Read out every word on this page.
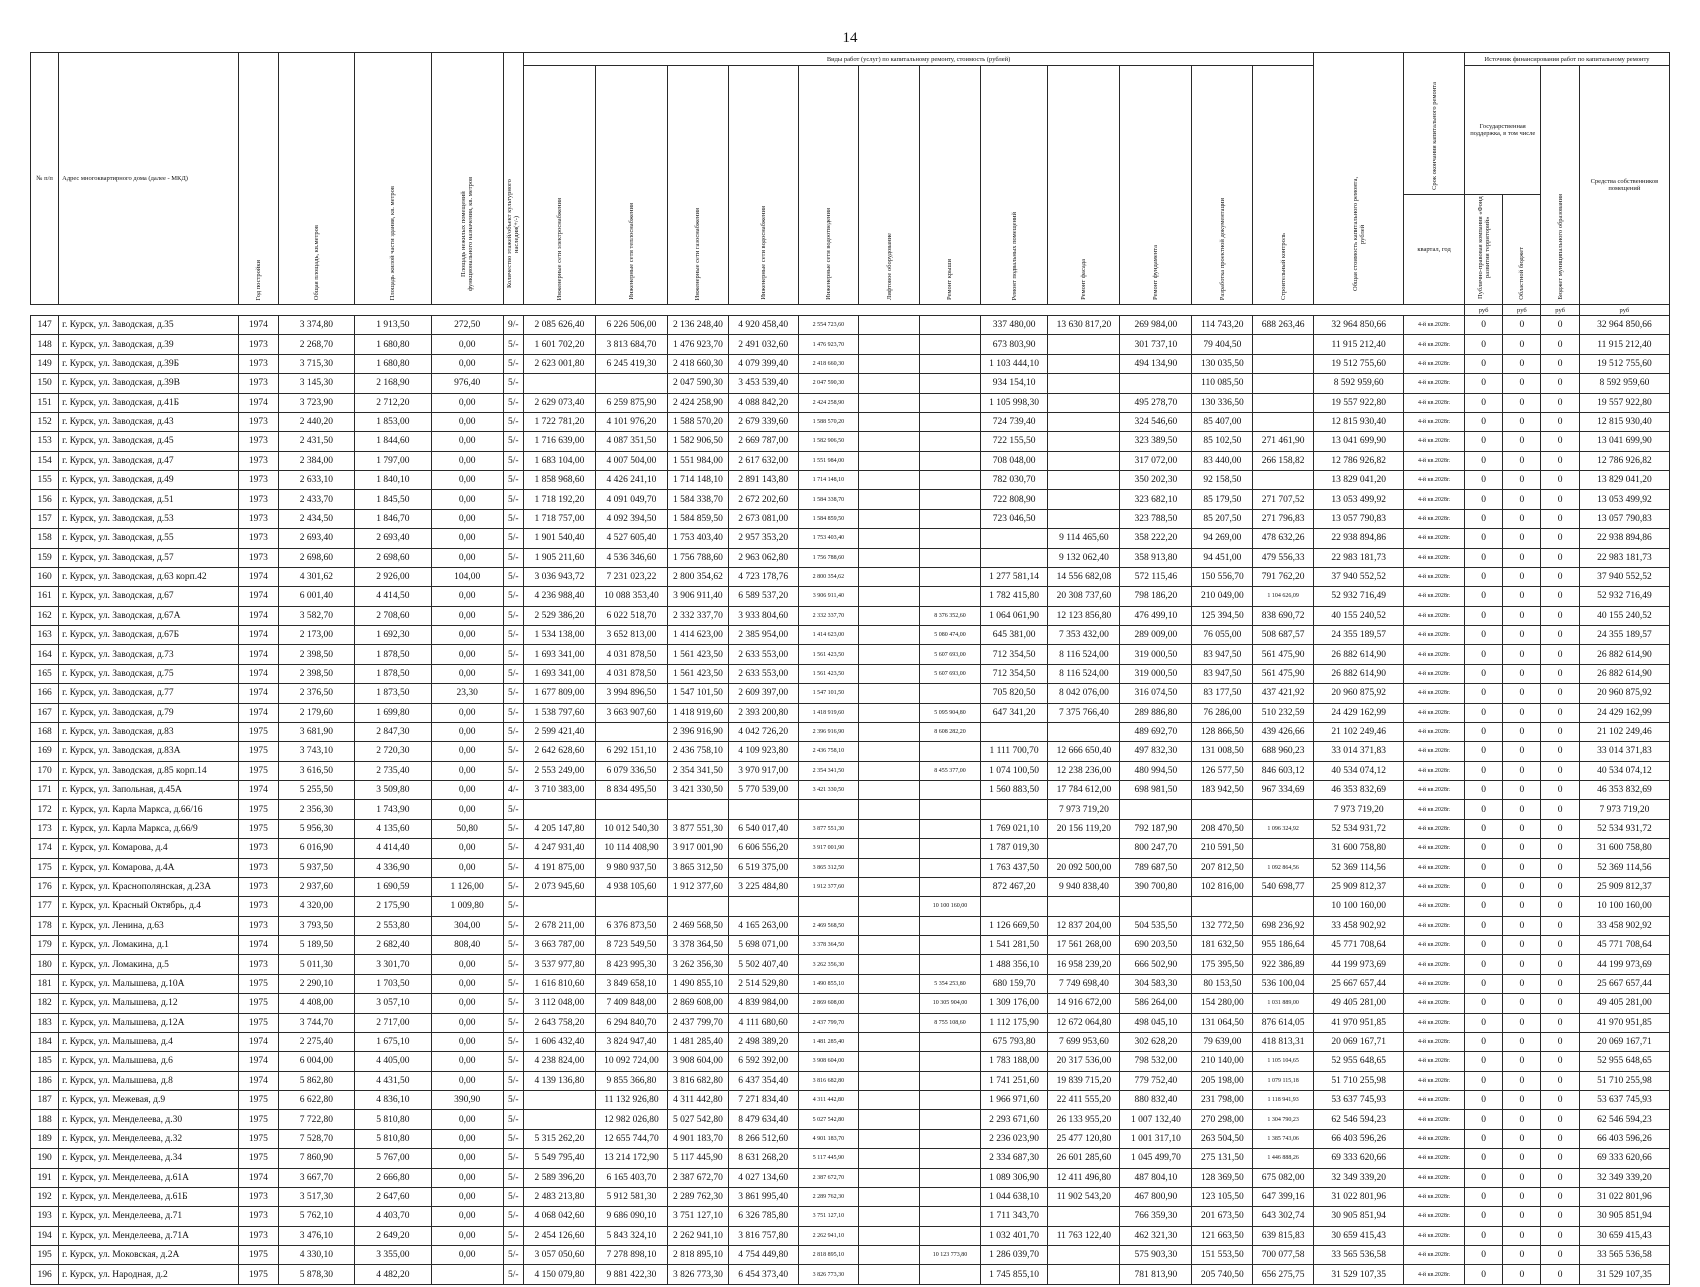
14
№ п/п	Адрес многоквартирного дома (далее - МКД)	Год постройки	Общая площадь, кв.метров	Площадь жилой части здания, кв. метров	Площадь нежилых помещений функционального назначения, кв. метров	Количество этажей/объект культурного наследия(+/-)	Виды работ (услуг) по капитальному ремонту, стоимость (рублей)												Общая стоимость капитального ремонта, рублей	Срок окончания капитального ремонта	Источник финансирования работ по капитальному ремонту			
							Инженерные сети электроснабжения	Инженерные сети теплоснабжения	Инженерные сети газоснабжения	Инженерные сети водоснабжения	Инженерные сети водоотведения	Лифтовое оборудование	Ремонт крыши	Ремонт подвальных помещений	Ремонт фасада	Ремонт фундамента	Разработка проектной документации	Строительный контроль			Государственная поддержка, в том числе		Бюджет муниципального образования	Средства собственников помещений
																				квартал, год	Публично-правовая компания «Фонд развития территорий»	Областной бюджет		
																					руб	руб	руб	руб
147	г. Курск, ул. Заводская, д.35	1974	3 374,80	1 913,50	272,50	9/-	2 085 626,40	6 226 506,00	2 136 248,40	4 920 458,40	2 554 723,60			337 480,00	13 630 817,20	269 984,00	114 743,20	688 263,46	32 964 850,66	4-й кв.2028г.	0	0	0	32 964 850,66
148	г. Курск, ул. Заводская, д.39	1973	2 268,70	1 680,80	0,00	5/-	1 601 702,20	3 813 684,70	1 476 923,70	2 491 032,60	1 476 923,70			673 803,90		301 737,10	79 404,50		11 915 212,40	4-й кв.2028г.	0	0	0	11 915 212,40
149	г. Курск, ул. Заводская, д.39Б	1973	3 715,30	1 680,80	0,00	5/-	2 623 001,80	6 245 419,30	2 418 660,30	4 079 399,40	2 418 660,30			1 103 444,10		494 134,90	130 035,50		19 512 755,60	4-й кв.2028г.	0	0	0	19 512 755,60
150	г. Курск, ул. Заводская, д.39В	1973	3 145,30	2 168,90	976,40	5/-			2 047 590,30	3 453 539,40	2 047 590,30			934 154,10			110 085,50		8 592 959,60	4-й кв.2028г.	0	0	0	8 592 959,60
151	г. Курск, ул. Заводская, д.41Б	1974	3 723,90	2 712,20	0,00	5/-	2 629 073,40	6 259 875,90	2 424 258,90	4 088 842,20	2 424 258,90			1 105 998,30		495 278,70	130 336,50		19 557 922,80	4-й кв.2028г.	0	0	0	19 557 922,80
152	г. Курск, ул. Заводская, д.43	1973	2 440,20	1 853,00	0,00	5/-	1 722 781,20	4 101 976,20	1 588 570,20	2 679 339,60	1 588 570,20			724 739,40		324 546,60	85 407,00		12 815 930,40	4-й кв.2028г.	0	0	0	12 815 930,40
153	г. Курск, ул. Заводская, д.45	1973	2 431,50	1 844,60	0,00	5/-	1 716 639,00	4 087 351,50	1 582 906,50	2 669 787,00	1 582 906,50			722 155,50		323 389,50	85 102,50	271 461,90	13 041 699,90	4-й кв.2028г.	0	0	0	13 041 699,90
154	г. Курск, ул. Заводская, д.47	1973	2 384,00	1 797,00	0,00	5/-	1 683 104,00	4 007 504,00	1 551 984,00	2 617 632,00	1 551 984,00			708 048,00		317 072,00	83 440,00	266 158,82	12 786 926,82	4-й кв.2028г.	0	0	0	12 786 926,82
155	г. Курск, ул. Заводская, д.49	1973	2 633,10	1 840,10	0,00	5/-	1 858 968,60	4 426 241,10	1 714 148,10	2 891 143,80	1 714 148,10			782 030,70		350 202,30	92 158,50		13 829 041,20	4-й кв.2028г.	0	0	0	13 829 041,20
156	г. Курск, ул. Заводская, д.51	1973	2 433,70	1 845,50	0,00	5/-	1 718 192,20	4 091 049,70	1 584 338,70	2 672 202,60	1 584 338,70			722 808,90		323 682,10	85 179,50	271 707,52	13 053 499,92	4-й кв.2028г.	0	0	0	13 053 499,92
157	г. Курск, ул. Заводская, д.53	1973	2 434,50	1 846,70	0,00	5/-	1 718 757,00	4 092 394,50	1 584 859,50	2 673 081,00	1 584 859,50			723 046,50		323 788,50	85 207,50	271 796,83	13 057 790,83	4-й кв.2028г.	0	0	0	13 057 790,83
158	г. Курск, ул. Заводская, д.55	1973	2 693,40	2 693,40	0,00	5/-	1 901 540,40	4 527 605,40	1 753 403,40	2 957 353,20	1 753 403,40				9 114 465,60	358 222,20	94 269,00	478 632,26	22 938 894,86	4-й кв.2028г.	0	0	0	22 938 894,86
159	г. Курск, ул. Заводская, д.57	1973	2 698,60	2 698,60	0,00	5/-	1 905 211,60	4 536 346,60	1 756 788,60	2 963 062,80	1 756 788,60				9 132 062,40	358 913,80	94 451,00	479 556,33	22 983 181,73	4-й кв.2028г.	0	0	0	22 983 181,73
160	г. Курск, ул. Заводская, д.63 корп.42	1974	4 301,62	2 926,00	104,00	5/-	3 036 943,72	7 231 023,22	2 800 354,62	4 723 178,76	2 800 354,62			1 277 581,14	14 556 682,08	572 115,46	150 556,70	791 762,20	37 940 552,52	4-й кв.2028г.	0	0	0	37 940 552,52
161	г. Курск, ул. Заводская, д.67	1974	6 001,40	4 414,50	0,00	5/-	4 236 988,40	10 088 353,40	3 906 911,40	6 589 537,20	3 906 911,40			1 782 415,80	20 308 737,60	798 186,20	210 049,00	1 104 626,09	52 932 716,49	4-й кв.2028г.	0	0	0	52 932 716,49
162	г. Курск, ул. Заводская, д.67А	1974	3 582,70	2 708,60	0,00	5/-	2 529 386,20	6 022 518,70	2 332 337,70	3 933 804,60	2 332 337,70		8 376 352,60	1 064 061,90	12 123 856,80	476 499,10	125 394,50	838 690,72	40 155 240,52	4-й кв.2028г.	0	0	0	40 155 240,52
163	г. Курск, ул. Заводская, д.67Б	1974	2 173,00	1 692,30	0,00	5/-	1 534 138,00	3 652 813,00	1 414 623,00	2 385 954,00	1 414 623,00		5 080 474,00	645 381,00	7 353 432,00	289 009,00	76 055,00	508 687,57	24 355 189,57	4-й кв.2028г.	0	0	0	24 355 189,57
164	г. Курск, ул. Заводская, д.73	1974	2 398,50	1 878,50	0,00	5/-	1 693 341,00	4 031 878,50	1 561 423,50	2 633 553,00	1 561 423,50		5 607 693,00	712 354,50	8 116 524,00	319 000,50	83 947,50	561 475,90	26 882 614,90	4-й кв.2028г.	0	0	0	26 882 614,90
165	г. Курск, ул. Заводская, д.75	1974	2 398,50	1 878,50	0,00	5/-	1 693 341,00	4 031 878,50	1 561 423,50	2 633 553,00	1 561 423,50		5 607 693,00	712 354,50	8 116 524,00	319 000,50	83 947,50	561 475,90	26 882 614,90	4-й кв.2028г.	0	0	0	26 882 614,90
166	г. Курск, ул. Заводская, д.77	1974	2 376,50	1 873,50	23,30	5/-	1 677 809,00	3 994 896,50	1 547 101,50	2 609 397,00	1 547 101,50			705 820,50	8 042 076,00	316 074,50	83 177,50	437 421,92	20 960 875,92	4-й кв.2028г.	0	0	0	20 960 875,92
167	г. Курск, ул. Заводская, д.79	1974	2 179,60	1 699,80	0,00	5/-	1 538 797,60	3 663 907,60	1 418 919,60	2 393 200,80	1 418 919,60		5 095 904,80	647 341,20	7 375 766,40	289 886,80	76 286,00	510 232,59	24 429 162,99	4-й кв.2028г.	0	0	0	24 429 162,99
168	г. Курск, ул. Заводская, д.83	1975	3 681,90	2 847,30	0,00	5/-	2 599 421,40		2 396 916,90	4 042 726,20	2 396 916,90		8 608 282,20			489 692,70	128 866,50	439 426,66	21 102 249,46	4-й кв.2028г.	0	0	0	21 102 249,46
169	г. Курск, ул. Заводская, д.83А	1975	3 743,10	2 720,30	0,00	5/-	2 642 628,60	6 292 151,10	2 436 758,10	4 109 923,80	2 436 758,10			1 111 700,70	12 666 650,40	497 832,30	131 008,50	688 960,23	33 014 371,83	4-й кв.2028г.	0	0	0	33 014 371,83
170	г. Курск, ул. Заводская, д.85 корп.14	1975	3 616,50	2 735,40	0,00	5/-	2 553 249,00	6 079 336,50	2 354 341,50	3 970 917,00	2 354 341,50		8 455 377,00	1 074 100,50	12 238 236,00	480 994,50	126 577,50	846 603,12	40 534 074,12	4-й кв.2028г.	0	0	0	40 534 074,12
171	г. Курск, ул. Запольная, д.45А	1974	5 255,50	3 509,80	0,00	4/-	3 710 383,00	8 834 495,50	3 421 330,50	5 770 539,00	3 421 330,50			1 560 883,50	17 784 612,00	698 981,50	183 942,50	967 334,69	46 353 832,69	4-й кв.2028г.	0	0	0	46 353 832,69
172	г. Курск, ул. Карла Маркса, д.66/16	1975	2 356,30	1 743,90	0,00	5/-									7 973 719,20				7 973 719,20	4-й кв.2028г.	0	0	0	7 973 719,20
173	г. Курск, ул. Карла Маркса, д.66/9	1975	5 956,30	4 135,60	50,80	5/-	4 205 147,80	10 012 540,30	3 877 551,30	6 540 017,40	3 877 551,30			1 769 021,10	20 156 119,20	792 187,90	208 470,50	1 096 324,92	52 534 931,72	4-й кв.2028г.	0	0	0	52 534 931,72
174	г. Курск, ул. Комарова, д.4	1973	6 016,90	4 414,40	0,00	5/-	4 247 931,40	10 114 408,90	3 917 001,90	6 606 556,20	3 917 001,90			1 787 019,30		800 247,70	210 591,50		31 600 758,80	4-й кв.2028г.	0	0	0	31 600 758,80
175	г. Курск, ул. Комарова, д.4А	1973	5 937,50	4 336,90	0,00	5/-	4 191 875,00	9 980 937,50	3 865 312,50	6 519 375,00	3 865 312,50			1 763 437,50	20 092 500,00	789 687,50	207 812,50	1 092 864,56	52 369 114,56	4-й кв.2028г.	0	0	0	52 369 114,56
176	г. Курск, ул. Краснополянская, д.23А	1973	2 937,60	1 690,59	1 126,00	5/-	2 073 945,60	4 938 105,60	1 912 377,60	3 225 484,80	1 912 377,60			872 467,20	9 940 838,40	390 700,80	102 816,00	540 698,77	25 909 812,37	4-й кв.2028г.	0	0	0	25 909 812,37
177	г. Курск, ул. Красный Октябрь, д.4	1973	4 320,00	2 175,90	1 009,80	5/-							10 100 160,00						10 100 160,00	4-й кв.2028г.	0	0	0	10 100 160,00
178	г. Курск, ул. Ленина, д.63	1973	3 793,50	2 553,80	304,00	5/-	2 678 211,00	6 376 873,50	2 469 568,50	4 165 263,00	2 469 568,50			1 126 669,50	12 837 204,00	504 535,50	132 772,50	698 236,92	33 458 902,92	4-й кв.2028г.	0	0	0	33 458 902,92
179	г. Курск, ул. Ломакина, д.1	1974	5 189,50	2 682,40	808,40	5/-	3 663 787,00	8 723 549,50	3 378 364,50	5 698 071,00	3 378 364,50			1 541 281,50	17 561 268,00	690 203,50	181 632,50	955 186,64	45 771 708,64	4-й кв.2028г.	0	0	0	45 771 708,64
180	г. Курск, ул. Ломакина, д.5	1973	5 011,30	3 301,70	0,00	5/-	3 537 977,80	8 423 995,30	3 262 356,30	5 502 407,40	3 262 356,30			1 488 356,10	16 958 239,20	666 502,90	175 395,50	922 386,89	44 199 973,69	4-й кв.2028г.	0	0	0	44 199 973,69
181	г. Курск, ул. Малышева, д.10А	1975	2 290,10	1 703,50	0,00	5/-	1 616 810,60	3 849 658,10	1 490 855,10	2 514 529,80	1 490 855,10		5 354 253,80	680 159,70	7 749 698,40	304 583,30	80 153,50	536 100,04	25 667 657,44	4-й кв.2028г.	0	0	0	25 667 657,44
182	г. Курск, ул. Малышева, д.12	1975	4 408,00	3 057,10	0,00	5/-	3 112 048,00	7 409 848,00	2 869 608,00	4 839 984,00	2 869 608,00		10 305 904,00	1 309 176,00	14 916 672,00	586 264,00	154 280,00	1 031 889,00	49 405 281,00	4-й кв.2028г.	0	0	0	49 405 281,00
183	г. Курск, ул. Малышева, д.12А	1975	3 744,70	2 717,00	0,00	5/-	2 643 758,20	6 294 840,70	2 437 799,70	4 111 680,60	2 437 799,70		8 755 108,60	1 112 175,90	12 672 064,80	498 045,10	131 064,50	876 614,05	41 970 951,85	4-й кв.2028г.	0	0	0	41 970 951,85
184	г. Курск, ул. Малышева, д.4	1974	2 275,40	1 675,10	0,00	5/-	1 606 432,40	3 824 947,40	1 481 285,40	2 498 389,20	1 481 285,40			675 793,80	7 699 953,60	302 628,20	79 639,00	418 813,31	20 069 167,71	4-й кв.2028г.	0	0	0	20 069 167,71
185	г. Курск, ул. Малышева, д.6	1974	6 004,00	4 405,00	0,00	5/-	4 238 824,00	10 092 724,00	3 908 604,00	6 592 392,00	3 908 604,00			1 783 188,00	20 317 536,00	798 532,00	210 140,00	1 105 104,65	52 955 648,65	4-й кв.2028г.	0	0	0	52 955 648,65
186	г. Курск, ул. Малышева, д.8	1974	5 862,80	4 431,50	0,00	5/-	4 139 136,80	9 855 366,80	3 816 682,80	6 437 354,40	3 816 682,80			1 741 251,60	19 839 715,20	779 752,40	205 198,00	1 079 115,18	51 710 255,98	4-й кв.2028г.	0	0	0	51 710 255,98
187	г. Курск, ул. Межевая, д.9	1975	6 622,80	4 836,10	390,90	5/-		11 132 926,80	4 311 442,80	7 271 834,40	4 311 442,80			1 966 971,60	22 411 555,20	880 832,40	231 798,00	1 118 941,93	53 637 745,93	4-й кв.2028г.	0	0	0	53 637 745,93
188	г. Курск, ул. Менделеева, д.30	1975	7 722,80	5 810,80	0,00	5/-		12 982 026,80	5 027 542,80	8 479 634,40	5 027 542,80			2 293 671,60	26 133 955,20	1 007 132,40	270 298,00	1 304 790,23	62 546 594,23	4-й кв.2028г.	0	0	0	62 546 594,23
189	г. Курск, ул. Менделеева, д.32	1975	7 528,70	5 810,80	0,00	5/-	5 315 262,20	12 655 744,70	4 901 183,70	8 266 512,60	4 901 183,70			2 236 023,90	25 477 120,80	1 001 317,10	263 504,50	1 385 743,06	66 403 596,26	4-й кв.2028г.	0	0	0	66 403 596,26
190	г. Курск, ул. Менделеева, д.34	1975	7 860,90	5 767,00	0,00	5/-	5 549 795,40	13 214 172,90	5 117 445,90	8 631 268,20	5 117 445,90			2 334 687,30	26 601 285,60	1 045 499,70	275 131,50	1 446 888,26	69 333 620,66	4-й кв.2028г.	0	0	0	69 333 620,66
191	г. Курск, ул. Менделеева, д.61А	1974	3 667,70	2 666,80	0,00	5/-	2 589 396,20	6 165 403,70	2 387 672,70	4 027 134,60	2 387 672,70			1 089 306,90	12 411 496,80	487 804,10	128 369,50	675 082,00	32 349 339,20	4-й кв.2028г.	0	0	0	32 349 339,20
192	г. Курск, ул. Менделеева, д.61Б	1973	3 517,30	2 647,60	0,00	5/-	2 483 213,80	5 912 581,30	2 289 762,30	3 861 995,40	2 289 762,30			1 044 638,10	11 902 543,20	467 800,90	123 105,50	647 399,16	31 022 801,96	4-й кв.2028г.	0	0	0	31 022 801,96
193	г. Курск, ул. Менделеева, д.71	1973	5 762,10	4 403,70	0,00	5/-	4 068 042,60	9 686 090,10	3 751 127,10	6 326 785,80	3 751 127,10			1 711 343,70		766 359,30	201 673,50	643 302,74	30 905 851,94	4-й кв.2028г.	0	0	0	30 905 851,94
194	г. Курск, ул. Менделеева, д.71А	1973	3 476,10	2 649,20	0,00	5/-	2 454 126,60	5 843 324,10	2 262 941,10	3 816 757,80	2 262 941,10			1 032 401,70	11 763 122,40	462 321,30	121 663,50	639 815,83	30 659 415,43	4-й кв.2028г.	0	0	0	30 659 415,43
195	г. Курск, ул. Моковская, д.2А	1975	4 330,10	3 355,00	0,00	5/-	3 057 050,60	7 278 898,10	2 818 895,10	4 754 449,80	2 818 895,10		10 123 773,80	1 286 039,70		575 903,30	151 553,50	700 077,58	33 565 536,58	4-й кв.2028г.	0	0	0	33 565 536,58
196	г. Курск, ул. Народная, д.2	1975	5 878,30	4 482,20		5/-	4 150 079,80	9 881 422,30	3 826 773,30	6 454 373,40	3 826 773,30			1 745 855,10		781 813,90	205 740,50	656 275,75	31 529 107,35	4-й кв.2028г.	0	0	0	31 529 107,35
